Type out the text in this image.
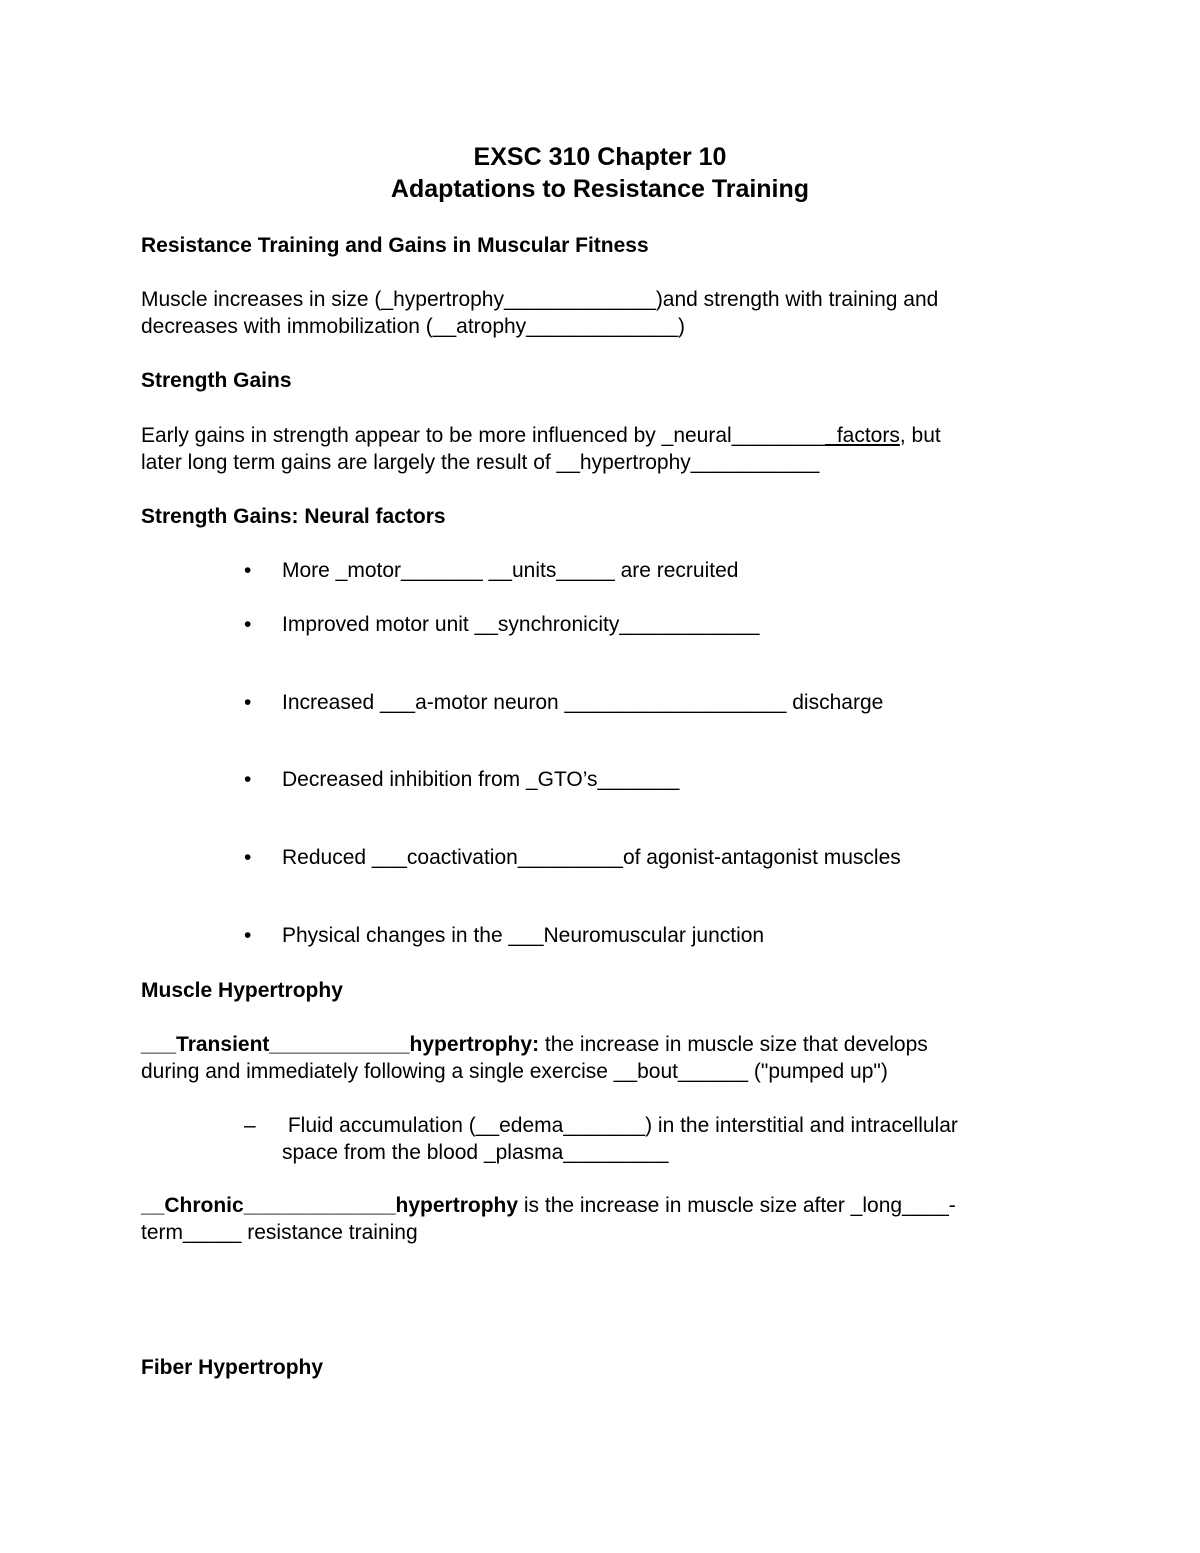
EXSC 310 Chapter 10
Adaptations to Resistance Training
Resistance Training and Gains in Muscular Fitness
Muscle increases in size (_hypertrophy_____________)and strength with training and
decreases with immobilization (__atrophy_____________)
Strength Gains
Early gains in strength appear to be more influenced by _neural_________factors, but
later long term gains are largely the result of __hypertrophy___________
Strength Gains: Neural factors
• More _motor_______ __units_____ are recruited
• Improved motor unit __synchronicity____________
• Increased ___a-motor neuron ___________________ discharge
• Decreased inhibition from _GTO’s_______
• Reduced ___coactivation_________of agonist-antagonist muscles
• Physical changes in the ___Neuromuscular junction
Muscle Hypertrophy
___Transient____________hypertrophy: the increase in muscle size that develops
during and immediately following a single exercise __bout______ ("pumped up")
– Fluid accumulation (__edema_______) in the interstitial and intracellular
space from the blood _plasma_________
__Chronic_____________hypertrophy is the increase in muscle size after _long____-
term_____ resistance training
Fiber Hypertrophy
